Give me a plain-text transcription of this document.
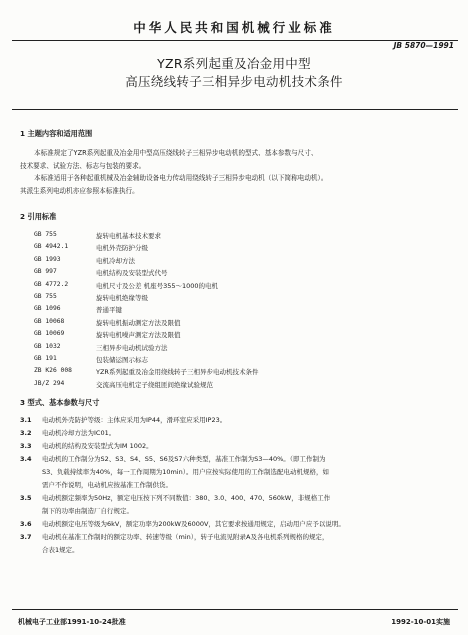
中华人民共和国机械行业标准
JB 5870—1991
YZR系列起重及冶金用中型
高压绕线转子三相异步电动机技术条件
1 主题内容和适用范围
本标准规定了YZR系列起重及冶金用中型高压绕线转子三相异步电动机的型式、基本参数与尺寸、
技术要求、试验方法、标志与包装的要求。
本标准适用于各种起重机械及冶金辅助设备电力传动用绕线转子三相异步电动机（以下简称电动机）。
其派生系列电动机亦应参照本标准执行。
2 引用标准
GB 755	旋转电机基本技术要求
GB 4942.1	电机外壳防护分级
GB 1993	电机冷却方法
GB 997	电机结构及安装型式代号
GB 4772.2	电机尺寸及公差 机座号355～1000的电机
GB 755	旋转电机绝缘等级
GB 1096	普通平键
GB 10068	旋转电机振动测定方法及限值
GB 10069	旋转电机噪声测定方法及限值
GB 1032	三相异步电动机试验方法
GB 191	包装储运图示标志
ZB K26 008	YZR系列起重及冶金用绕线转子三相异步电动机技术条件
JB/Z 294	交流高压电机定子绕组匝间绝缘试验规范
3 型式、基本参数与尺寸
3.1	电动机外壳防护等级：主体应采用为IP44，滑环室应采用IP23。
3.2	电动机冷却方法为IC01。
3.3	电动机的结构及安装型式为IM 1002。
3.4	电动机的工作制分为S2、S3、S4、S5、S6及S7六种类型，基准工作制为S3—40%。（即工作制为
S3、负载持续率为40%，每一工作周期为10min）。用户应按实际使用的工作制选配电动机规格，如
需户不作说明，电动机应按基准工作制供货。
3.5	电动机额定频率为50Hz，额定电压按下列不同数值：380、3.0、400、470、560kW，非规格工作
制下的功率由制造厂自行规定。
3.6	电动机额定电压等级为6kV，额定功率为200kW及6000V，其它要求按通用规定，启动用户应予以说明。
3.7	电动机在基准工作制时的额定功率、转速等级（min），转子电流见附录A及各电机系列规格的规定，
合表1规定。
机械电子工业部1991-10-24批准	1992-10-01实施
